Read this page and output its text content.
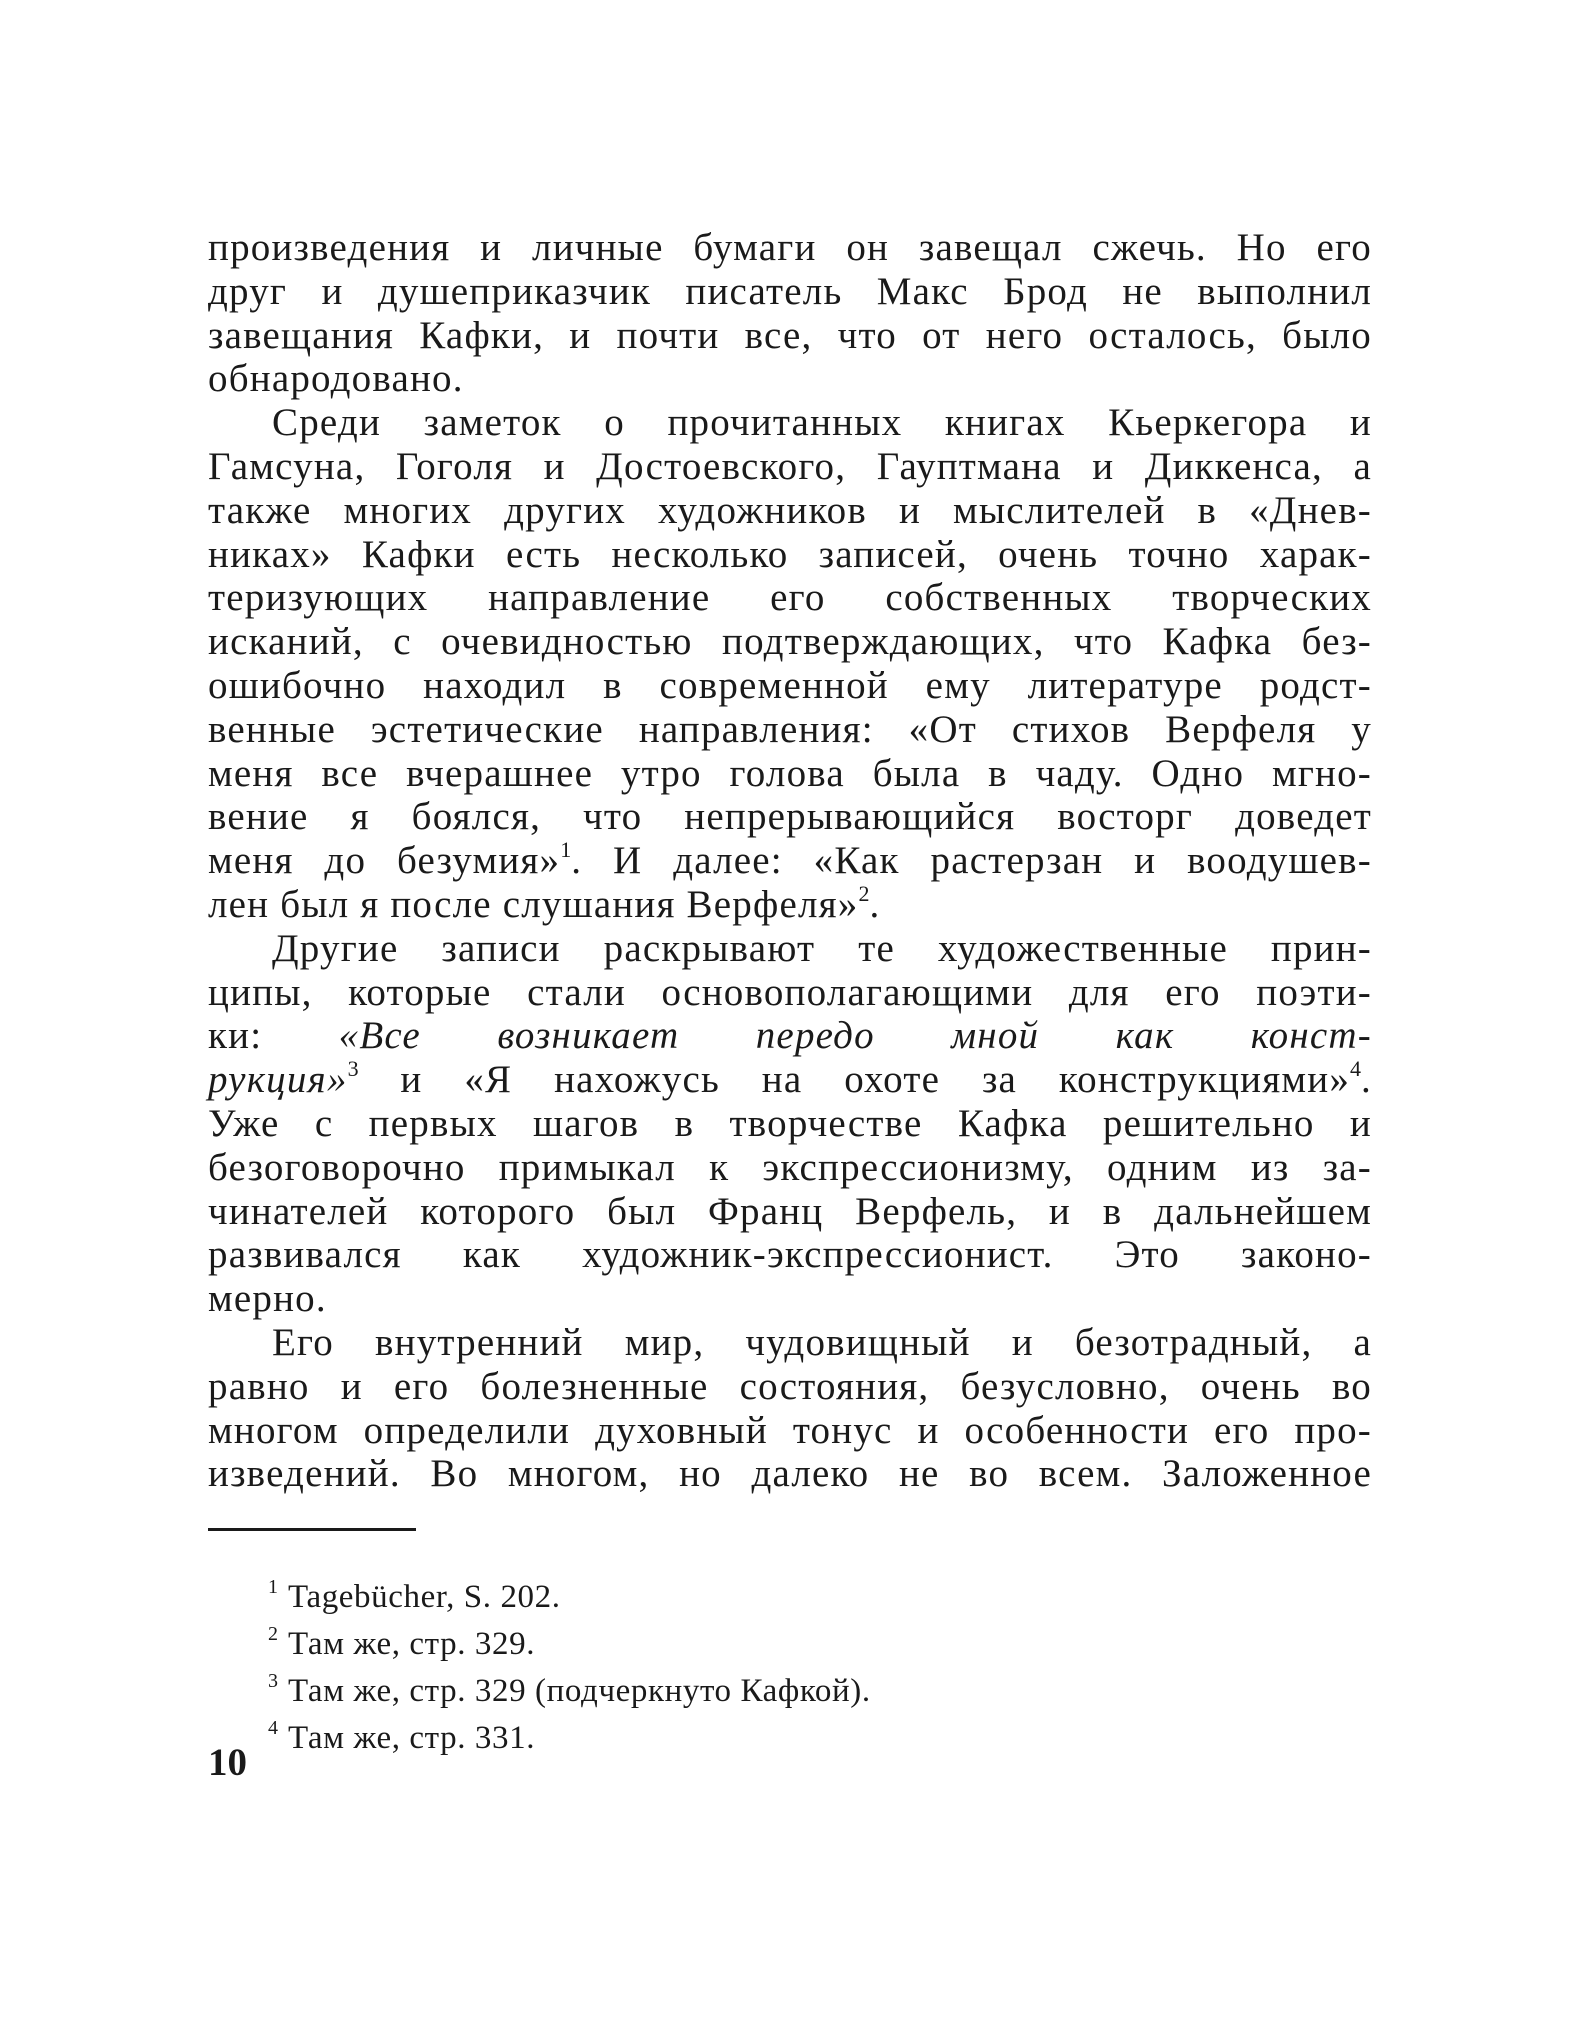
произведения и личные бумаги он завещал сжечь. Но его
друг и душеприказчик писатель Макс Брод не выполнил
завещания Кафки, и почти все, что от него осталось, было
обнародовано.
Среди заметок о прочитанных книгах Кьеркегора и
Гамсуна, Гоголя и Достоевского, Гауптмана и Диккенса, а
также многих других художников и мыслителей в «Днев-
никах» Кафки есть несколько записей, очень точно харак-
теризующих направление его собственных творческих
исканий, с очевидностью подтверждающих, что Кафка без-
ошибочно находил в современной ему литературе родст-
венные эстетические направления: «От стихов Верфеля у
меня все вчерашнее утро голова была в чаду. Одно мгно-
вение я боялся, что непрерывающийся восторг доведет
меня до безумия»$^1$. И далее: «Как растерзан и воодушев-
лен был я после слушания Верфеля»$^2$.
Другие записи раскрывают те художественные прин-
ципы, которые стали основополагающими для его поэти-
ки: «Все возникает передо мной как конст-
рукция»$^3$ и «Я нахожусь на охоте за конструкциями»$^4$.
Уже с первых шагов в творчестве Кафка решительно и
безоговорочно примыкал к экспрессионизму, одним из за-
чинателей которого был Франц Верфель, и в дальнейшем
развивался как художник-экспрессионист. Это законо-
мерно.
Его внутренний мир, чудовищный и безотрадный, а
равно и его болезненные состояния, безусловно, очень во
многом определили духовный тонус и особенности его про-
изведений. Во многом, но далеко не во всем. Заложенное
$^1$ Tagebücher, S. 202.
$^2$ Там же, стр. 329.
$^3$ Там же, стр. 329 (подчеркнуто Кафкой).
$^4$ Там же, стр. 331.
10
